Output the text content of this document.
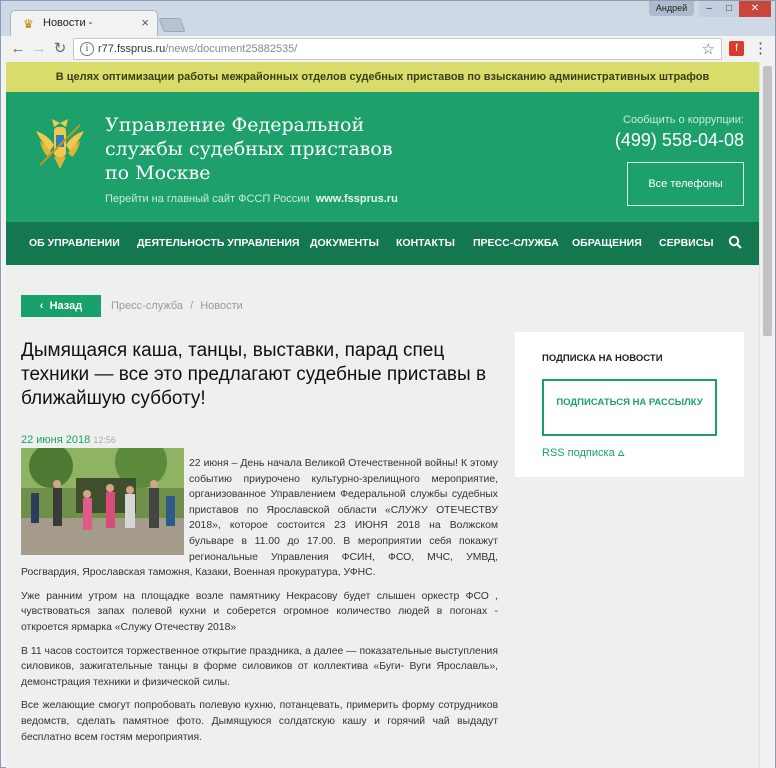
♛ Новости -	×
Андрей	–	□	✕
← → ↻	i r77.fssprus.ru/news/document25882535/	☆	f	⋮
В целях оптимизации работы межрайонных отделов судебных приставов по взысканию административных штрафов
Управление Федеральной службы судебных приставов по Москве
Перейти на главный сайт ФССП России www.fssprus.ru
Сообщить о коррупции:
(499) 558-04-08
Все телефоны
ОБ УПРАВЛЕНИИ ДЕЯТЕЛЬНОСТЬ УПРАВЛЕНИЯ ДОКУМЕНТЫ КОНТАКТЫ ПРЕСС-СЛУЖБА ОБРАЩЕНИЯ СЕРВИСЫ
‹  Назад	Пресс-служба / Новости
Дымящаяся каша, танцы, выставки, парад спец техники — все это предлагают судебные приставы в ближайшую субботу!
22 июня 2018 12:56

22 июня – День начала Великой Отечественной войны! К этому событию приурочено культурно-зрелищного мероприятие, организованное Управлением Федеральной службы судебных приставов по Ярославской области «СЛУЖУ ОТЕЧЕСТВУ 2018», которое состоится 23 ИЮНЯ 2018 на Волжском бульваре в 11.00 до 17.00. В мероприятии себя покажут региональные Управления ФСИН, ФСО, МЧС, УМВД, Росгвардия, Ярославская таможня, Казаки, Военная прокуратура, УФНС.

Уже ранним утром на площадке возле памятнику Некрасову будет слышен оркестр ФСО , чувствоваться запах полевой кухни и соберется огромное количество людей в погонах - откроется ярмарка «Служу Отечеству 2018»

В 11 часов состоится торжественное открытие праздника, а далее — показательные выступления силовиков, зажигательные танцы в форме силовиков от коллектива «Буги- Вуги Ярославль», демонстрация техники и физической силы.

Все желающие смогут попробовать полевую кухню, потанцевать, примерить форму сотрудников ведомств, сделать памятное фото. Дымящуюся солдатскую кашу и горячий чай выдадут бесплатно всем гостям мероприятия.

ПОДПИСКА НА НОВОСТИ
ПОДПИСАТЬСЯ НА РАССЫЛКУ
RSS подписка ⩟
